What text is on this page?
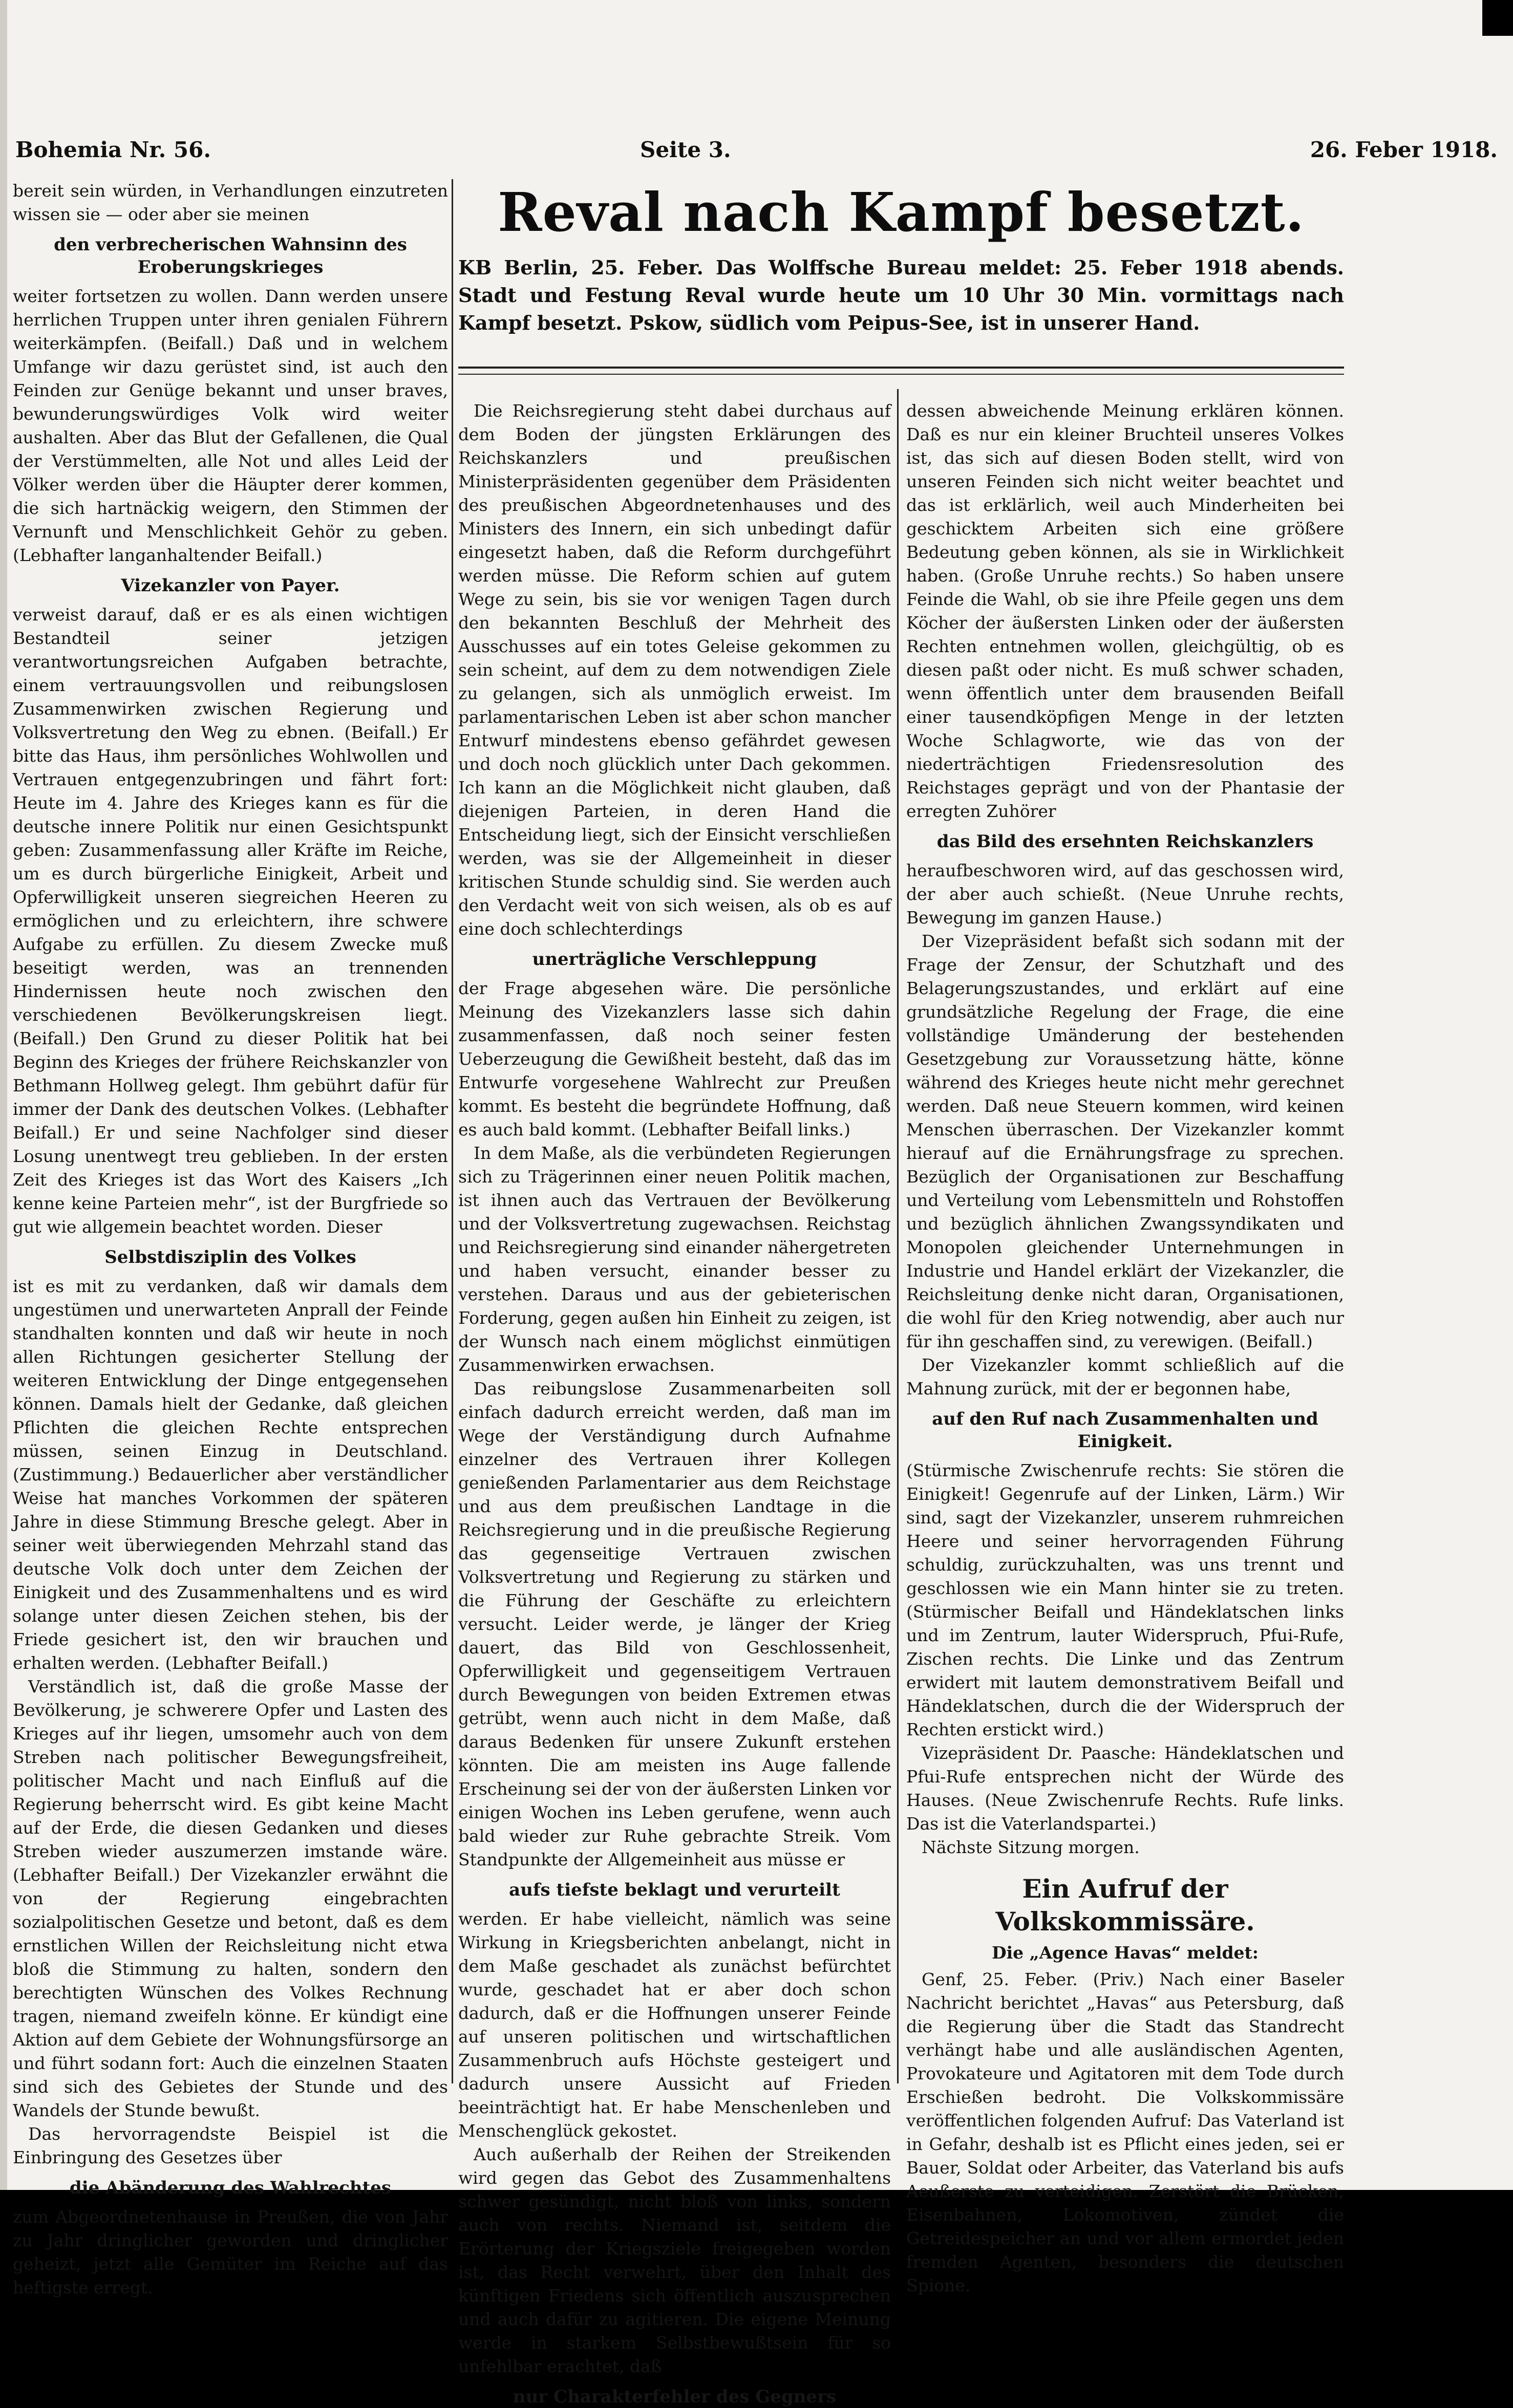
Bohemia Nr. 56.	Seite 3.	26. Feber 1918.
Reval nach Kampf besetzt.

KB Berlin, 25. Feber. Das Wolffsche Bureau meldet: 25. Feber 1918 abends. Stadt und Festung Reval wurde heute um 10 Uhr 30 Min. vormittags nach Kampf besetzt. Pskow, südlich vom Peipus-See, ist in unserer Hand.

bereit sein würden, in Verhandlungen einzutreten wissen sie — oder aber sie meinen

den verbrecherischen Wahnsinn des Eroberungskrieges

weiter fortsetzen zu wollen. Dann werden unsere herrlichen Truppen unter ihren genialen Führern weiterkämpfen. (Beifall.) Daß und in welchem Umfange wir dazu gerüstet sind, ist auch den Feinden zur Genüge bekannt und unser braves, bewunderungswürdiges Volk wird weiter aushalten. Aber das Blut der Gefallenen, die Qual der Verstümmelten, alle Not und alles Leid der Völker werden über die Häupter derer kommen, die sich hartnäckig weigern, den Stimmen der Vernunft und Menschlichkeit Gehör zu geben. (Lebhafter langanhaltender Beifall.)

Vizekanzler von Payer.

verweist darauf, daß er es als einen wichtigen Bestandteil seiner jetzigen verantwortungsreichen Aufgaben betrachte, einem vertrauungsvollen und reibungslosen Zusammenwirken zwischen Regierung und Volksvertretung den Weg zu ebnen. (Beifall.) Er bitte das Haus, ihm persönliches Wohlwollen und Vertrauen entgegenzubringen und fährt fort: Heute im 4. Jahre des Krieges kann es für die deutsche innere Politik nur einen Gesichtspunkt geben: Zusammenfassung aller Kräfte im Reiche, um es durch bürgerliche Einigkeit, Arbeit und Opferwilligkeit unseren siegreichen Heeren zu ermöglichen und zu erleichtern, ihre schwere Aufgabe zu erfüllen. Zu diesem Zwecke muß beseitigt werden, was an trennenden Hindernissen heute noch zwischen den verschiedenen Bevölkerungskreisen liegt. (Beifall.) Den Grund zu dieser Politik hat bei Beginn des Krieges der frühere Reichskanzler von Bethmann Hollweg gelegt. Ihm gebührt dafür für immer der Dank des deutschen Volkes. (Lebhafter Beifall.) Er und seine Nachfolger sind dieser Losung unentwegt treu geblieben. In der ersten Zeit des Krieges ist das Wort des Kaisers „Ich kenne keine Parteien mehr“, ist der Burgfriede so gut wie allgemein beachtet worden. Dieser

Selbstdisziplin des Volkes

ist es mit zu verdanken, daß wir damals dem ungestümen und unerwarteten Anprall der Feinde standhalten konnten und daß wir heute in noch allen Richtungen gesicherter Stellung der weiteren Entwicklung der Dinge entgegensehen können. Damals hielt der Gedanke, daß gleichen Pflichten die gleichen Rechte entsprechen müssen, seinen Einzug in Deutschland. (Zustimmung.) Bedauerlicher aber verständlicher Weise hat manches Vorkommen der späteren Jahre in diese Stimmung Bresche gelegt. Aber in seiner weit überwiegenden Mehrzahl stand das deutsche Volk doch unter dem Zeichen der Einigkeit und des Zusammenhaltens und es wird solange unter diesen Zeichen stehen, bis der Friede gesichert ist, den wir brauchen und erhalten werden. (Lebhafter Beifall.)

Verständlich ist, daß die große Masse der Bevölkerung, je schwerere Opfer und Lasten des Krieges auf ihr liegen, umsomehr auch von dem Streben nach politischer Bewegungsfreiheit, politischer Macht und nach Einfluß auf die Regierung beherrscht wird. Es gibt keine Macht auf der Erde, die diesen Gedanken und dieses Streben wieder auszumerzen imstande wäre. (Lebhafter Beifall.) Der Vizekanzler erwähnt die von der Regierung eingebrachten sozialpolitischen Gesetze und betont, daß es dem ernstlichen Willen der Reichsleitung nicht etwa bloß die Stimmung zu halten, sondern den berechtigten Wünschen des Volkes Rechnung tragen, niemand zweifeln könne. Er kündigt eine Aktion auf dem Gebiete der Wohnungsfürsorge an und führt sodann fort: Auch die einzelnen Staaten sind sich des Gebietes der Stunde und des Wandels der Stunde bewußt.

Das hervorragendste Beispiel ist die Einbringung des Gesetzes über

die Abänderung des Wahlrechtes

zum Abgeordnetenhause in Preußen, die von Jahr zu Jahr dringlicher geworden und dringlicher geheizt, jetzt alle Gemüter im Reiche auf das heftigste erregt.

Die Reichsregierung steht dabei durchaus auf dem Boden der jüngsten Erklärungen des Reichskanzlers und preußischen Ministerpräsidenten gegenüber dem Präsidenten des preußischen Abgeordnetenhauses und des Ministers des Innern, ein sich unbedingt dafür eingesetzt haben, daß die Reform durchgeführt werden müsse. Die Reform schien auf gutem Wege zu sein, bis sie vor wenigen Tagen durch den bekannten Beschluß der Mehrheit des Ausschusses auf ein totes Geleise gekommen zu sein scheint, auf dem zu dem notwendigen Ziele zu gelangen, sich als unmöglich erweist. Im parlamentarischen Leben ist aber schon mancher Entwurf mindestens ebenso gefährdet gewesen und doch noch glücklich unter Dach gekommen. Ich kann an die Möglichkeit nicht glauben, daß diejenigen Parteien, in deren Hand die Entscheidung liegt, sich der Einsicht verschließen werden, was sie der Allgemeinheit in dieser kritischen Stunde schuldig sind. Sie werden auch den Verdacht weit von sich weisen, als ob es auf eine doch schlechterdings

unerträgliche Verschleppung

der Frage abgesehen wäre. Die persönliche Meinung des Vizekanzlers lasse sich dahin zusammenfassen, daß noch seiner festen Ueberzeugung die Gewißheit besteht, daß das im Entwurfe vorgesehene Wahlrecht zur Preußen kommt. Es besteht die begründete Hoffnung, daß es auch bald kommt. (Lebhafter Beifall links.)

In dem Maße, als die verbündeten Regierungen sich zu Trägerinnen einer neuen Politik machen, ist ihnen auch das Vertrauen der Bevölkerung und der Volksvertretung zugewachsen. Reichstag und Reichsregierung sind einander nähergetreten und haben versucht, einander besser zu verstehen. Daraus und aus der gebieterischen Forderung, gegen außen hin Einheit zu zeigen, ist der Wunsch nach einem möglichst einmütigen Zusammenwirken erwachsen.

Das reibungslose Zusammenarbeiten soll einfach dadurch erreicht werden, daß man im Wege der Verständigung durch Aufnahme einzelner des Vertrauen ihrer Kollegen genießenden Parlamentarier aus dem Reichstage und aus dem preußischen Landtage in die Reichsregierung und in die preußische Regierung das gegenseitige Vertrauen zwischen Volksvertretung und Regierung zu stärken und die Führung der Geschäfte zu erleichtern versucht. Leider werde, je länger der Krieg dauert, das Bild von Geschlossenheit, Opferwilligkeit und gegenseitigem Vertrauen durch Bewegungen von beiden Extremen etwas getrübt, wenn auch nicht in dem Maße, daß daraus Bedenken für unsere Zukunft erstehen könnten. Die am meisten ins Auge fallende Erscheinung sei der von der äußersten Linken vor einigen Wochen ins Leben gerufene, wenn auch bald wieder zur Ruhe gebrachte Streik. Vom Standpunkte der Allgemeinheit aus müsse er

aufs tiefste beklagt und verurteilt

werden. Er habe vielleicht, nämlich was seine Wirkung in Kriegsberichten anbelangt, nicht in dem Maße geschadet als zunächst befürchtet wurde, geschadet hat er aber doch schon dadurch, daß er die Hoffnungen unserer Feinde auf unseren politischen und wirtschaftlichen Zusammenbruch aufs Höchste gesteigert und dadurch unsere Aussicht auf Frieden beeinträchtigt hat. Er habe Menschenleben und Menschenglück gekostet.

Auch außerhalb der Reihen der Streikenden wird gegen das Gebot des Zusammenhaltens schwer gesündigt, nicht bloß von links, sondern auch von rechts. Niemand ist, seitdem die Erörterung der Kriegsziele freigegeben worden ist, das Recht verwehrt, über den Inhalt des künftigen Friedens sich öffentlich auszusprechen und auch dafür zu agitieren. Die eigene Meinung werde in starkem Selbstbewußtsein für so unfehlbar erachtet, daß

nur Charakterfehler des Gegners

dessen abweichende Meinung erklären können. Daß es nur ein kleiner Bruchteil unseres Volkes ist, das sich auf diesen Boden stellt, wird von unseren Feinden sich nicht weiter beachtet und das ist erklärlich, weil auch Minderheiten bei geschicktem Arbeiten sich eine größere Bedeutung geben können, als sie in Wirklichkeit haben. (Große Unruhe rechts.) So haben unsere Feinde die Wahl, ob sie ihre Pfeile gegen uns dem Köcher der äußersten Linken oder der äußersten Rechten entnehmen wollen, gleichgültig, ob es diesen paßt oder nicht. Es muß schwer schaden, wenn öffentlich unter dem brausenden Beifall einer tausendköpfigen Menge in der letzten Woche Schlagworte, wie das von der niederträchtigen Friedensresolution des Reichstages geprägt und von der Phantasie der erregten Zuhörer

das Bild des ersehnten Reichskanzlers

heraufbeschworen wird, auf das geschossen wird, der aber auch schießt. (Neue Unruhe rechts, Bewegung im ganzen Hause.)

Der Vizepräsident befaßt sich sodann mit der Frage der Zensur, der Schutzhaft und des Belagerungszustandes, und erklärt auf eine grundsätzliche Regelung der Frage, die eine vollständige Umänderung der bestehenden Gesetzgebung zur Voraussetzung hätte, könne während des Krieges heute nicht mehr gerechnet werden. Daß neue Steuern kommen, wird keinen Menschen überraschen. Der Vizekanzler kommt hierauf auf die Ernährungsfrage zu sprechen. Bezüglich der Organisationen zur Beschaffung und Verteilung vom Lebensmitteln und Rohstoffen und bezüglich ähnlichen Zwangssyndikaten und Monopolen gleichender Unternehmungen in Industrie und Handel erklärt der Vizekanzler, die Reichsleitung denke nicht daran, Organisationen, die wohl für den Krieg notwendig, aber auch nur für ihn geschaffen sind, zu verewigen. (Beifall.)

Der Vizekanzler kommt schließlich auf die Mahnung zurück, mit der er begonnen habe,

auf den Ruf nach Zusammenhalten und Einigkeit.

(Stürmische Zwischenrufe rechts: Sie stören die Einigkeit! Gegenrufe auf der Linken, Lärm.) Wir sind, sagt der Vizekanzler, unserem ruhmreichen Heere und seiner hervorragenden Führung schuldig, zurückzuhalten, was uns trennt und geschlossen wie ein Mann hinter sie zu treten. (Stürmischer Beifall und Händeklatschen links und im Zentrum, lauter Widerspruch, Pfui-Rufe, Zischen rechts. Die Linke und das Zentrum erwidert mit lautem demonstrativem Beifall und Händeklatschen, durch die der Widerspruch der Rechten erstickt wird.)

Vizepräsident Dr. Paasche: Händeklatschen und Pfui-Rufe entsprechen nicht der Würde des Hauses. (Neue Zwischenrufe Rechts. Rufe links. Das ist die Vaterlandspartei.)

Nächste Sitzung morgen.

Ein Aufruf der Volkskommissäre.
Die „Agence Havas“ meldet:

Genf, 25. Feber. (Priv.) Nach einer Baseler Nachricht berichtet „Havas“ aus Petersburg, daß die Regierung über die Stadt das Standrecht verhängt habe und alle ausländischen Agenten, Provokateure und Agitatoren mit dem Tode durch Erschießen bedroht. Die Volkskommissäre veröffentlichen folgenden Aufruf: Das Vaterland ist in Gefahr, deshalb ist es Pflicht eines jeden, sei er Bauer, Soldat oder Arbeiter, das Vaterland bis aufs Aeußerste zu verteidigen. Zerstört die Brücken, Eisenbahnen, Lokomotiven, zündet die Getreidespeicher an und vor allem ermordet jeden fremden Agenten, besonders die deutschen Spione.
